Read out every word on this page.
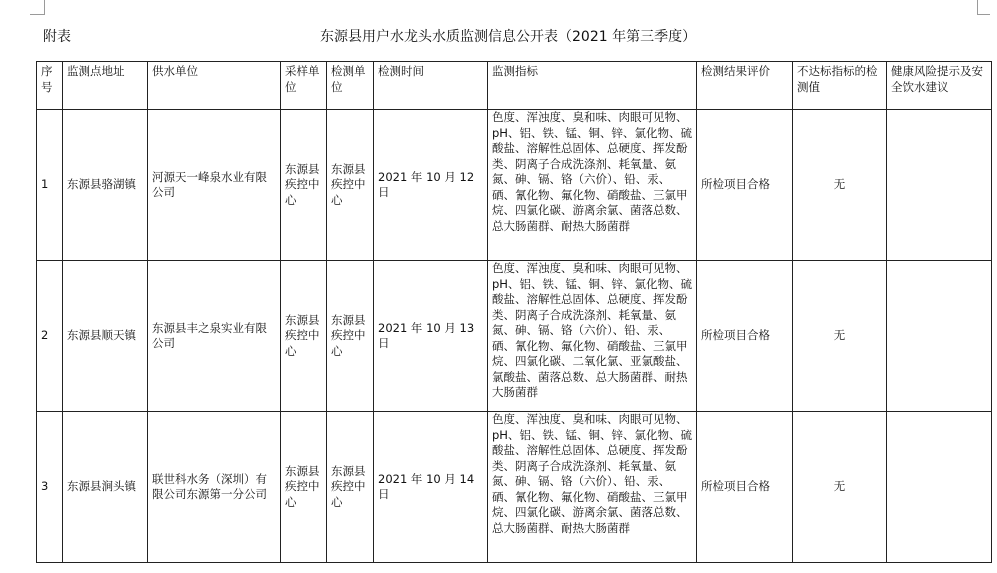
附表	东源县用户水龙头水质监测信息公开表（2021 年第三季度）
序号	监测点地址	供水单位	采样单位	检测单位	检测时间	监测指标	检测结果评价	不达标指标的检测值	健康风险提示及安全饮水建议
1	东源县骆湖镇	河源天一峰泉水业有限公司	东源县疾控中心	东源县疾控中心	2021 年 10 月 12 日	色度、浑浊度、臭和味、肉眼可见物、pH、铝、铁、锰、铜、锌、氯化物、硫酸盐、溶解性总固体、总硬度、挥发酚类、阴离子合成洗涤剂、耗氧量、氨氮、砷、镉、铬（六价）、铅、汞、硒、氰化物、氟化物、硝酸盐、三氯甲烷、四氯化碳、游离余氯、菌落总数、总大肠菌群、耐热大肠菌群	所检项目合格	无	
2	东源县顺天镇	东源县丰之泉实业有限公司	东源县疾控中心	东源县疾控中心	2021 年 10 月 13 日	色度、浑浊度、臭和味、肉眼可见物、pH、铝、铁、锰、铜、锌、氯化物、硫酸盐、溶解性总固体、总硬度、挥发酚类、阴离子合成洗涤剂、耗氧量、氨氮、砷、镉、铬（六价）、铅、汞、硒、氰化物、氟化物、硝酸盐、三氯甲烷、四氯化碳、二氧化氯、亚氯酸盐、氯酸盐、菌落总数、总大肠菌群、耐热大肠菌群	所检项目合格	无	
3	东源县涧头镇	联世科水务（深圳）有限公司东源第一分公司	东源县疾控中心	东源县疾控中心	2021 年 10 月 14 日	色度、浑浊度、臭和味、肉眼可见物、pH、铝、铁、锰、铜、锌、氯化物、硫酸盐、溶解性总固体、总硬度、挥发酚类、阴离子合成洗涤剂、耗氧量、氨氮、砷、镉、铬（六价）、铅、汞、硒、氰化物、氟化物、硝酸盐、三氯甲烷、四氯化碳、游离余氯、菌落总数、总大肠菌群、耐热大肠菌群	所检项目合格	无	
